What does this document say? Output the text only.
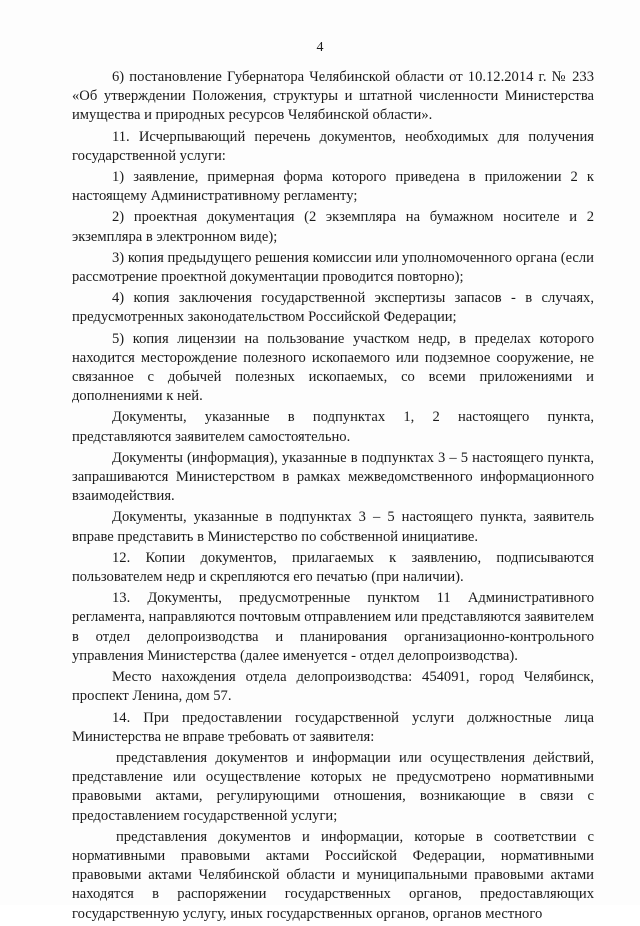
4

6) постановление Губернатора Челябинской области от 10.12.2014 г. № 233 «Об утверждении Положения, структуры и штатной численности Министерства имущества и природных ресурсов Челябинской области».

11. Исчерпывающий перечень документов, необходимых для получения государственной услуги:

1) заявление, примерная форма которого приведена в приложении 2 к настоящему Административному регламенту;

2) проектная документация (2 экземпляра на бумажном носителе и 2 экземпляра в электронном виде);

3) копия предыдущего решения комиссии или уполномоченного органа (если рассмотрение проектной документации проводится повторно);

4) копия заключения государственной экспертизы запасов - в случаях, предусмотренных законодательством Российской Федерации;

5) копия лицензии на пользование участком недр, в пределах которого находится месторождение полезного ископаемого или подземное сооружение, не связанное с добычей полезных ископаемых, со всеми приложениями и дополнениями к ней.

Документы, указанные в подпунктах 1, 2 настоящего пункта, представляются заявителем самостоятельно.

Документы (информация), указанные в подпунктах 3 – 5 настоящего пункта, запрашиваются Министерством в рамках межведомственного информационного взаимодействия.

Документы, указанные в подпунктах 3 – 5 настоящего пункта, заявитель вправе представить в Министерство по собственной инициативе.

12. Копии документов, прилагаемых к заявлению, подписываются пользователем недр и скрепляются его печатью (при наличии).

13. Документы, предусмотренные пунктом 11 Административного регламента, направляются почтовым отправлением или представляются заявителем в отдел делопроизводства и планирования организационно-контрольного управления Министерства (далее именуется - отдел делопроизводства).

Место нахождения отдела делопроизводства: 454091, город Челябинск, проспект Ленина, дом 57.

14. При предоставлении государственной услуги должностные лица Министерства не вправе требовать от заявителя:

представления документов и информации или осуществления действий, представление или осуществление которых не предусмотрено нормативными правовыми актами, регулирующими отношения, возникающие в связи с предоставлением государственной услуги;

представления документов и информации, которые в соответствии с нормативными правовыми актами Российской Федерации, нормативными правовыми актами Челябинской области и муниципальными правовыми актами находятся в распоряжении государственных органов, предоставляющих государственную услугу, иных государственных органов, органов местного
